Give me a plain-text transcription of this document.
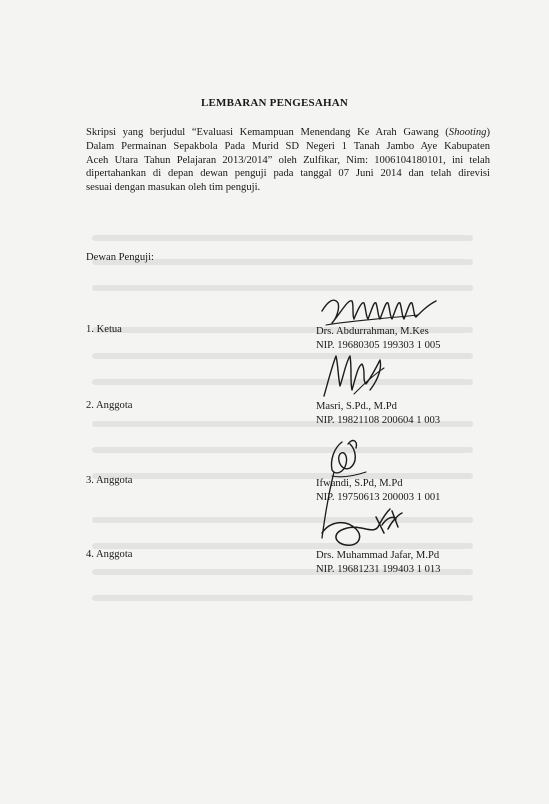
LEMBARAN PENGESAHAN
Skripsi yang berjudul “Evaluasi Kemampuan Menendang Ke Arah Gawang (Shooting)
Dalam Permainan Sepakbola Pada Murid SD Negeri 1 Tanah Jambo Aye Kabupaten
Aceh Utara Tahun Pelajaran 2013/2014” oleh Zulfikar, Nim: 1006104180101, ini telah
dipertahankan di depan dewan penguji pada tanggal 07 Juni 2014 dan telah direvisi
sesuai dengan masukan oleh tim penguji.
Dewan Penguji:
1. Ketua	Drs. Abdurrahman, M.Kes
NIP. 19680305 199303 1 005
2. Anggota	Masri, S.Pd., M.Pd
NIP. 19821108 200604 1 003
3. Anggota	Ifwandi, S.Pd, M.Pd
NIP. 19750613 200003 1 001
4. Anggota	Drs. Muhammad Jafar, M.Pd
NIP. 19681231 199403 1 013
